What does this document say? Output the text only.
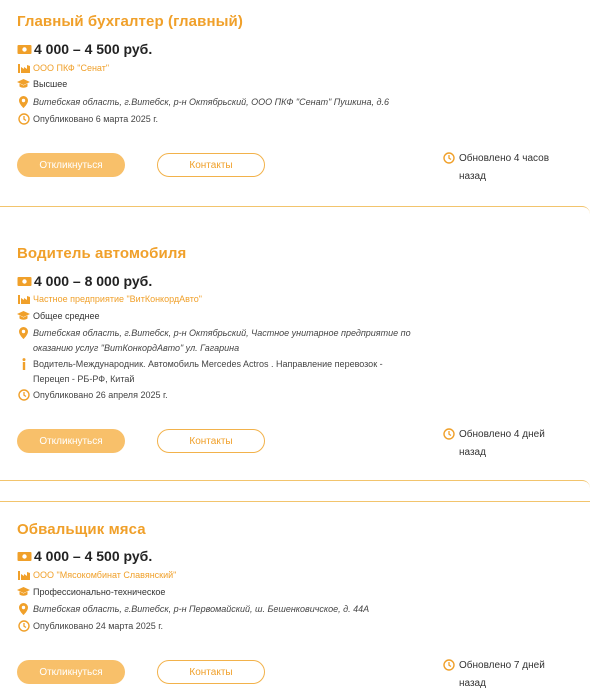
Главный бухгалтер (главный)
4 000 – 4 500 руб.
ООО ПКФ "Сенат"
Высшее
Витебская область, г.Витебск, р-н Октябрьский, ООО ПКФ "Сенат" Пушкина, д.6
Опубликовано 6 марта 2025 г.
Откликнуться	Контакты
Обновлено 4 часов
назад
Водитель автомобиля
4 000 – 8 000 руб.
Частное предприятие "ВитКонкордАвто"
Общее среднее
Витебская область, г.Витебск, р-н Октябрьский, Частное унитарное предприятие по
оказанию услуг "ВитКонкордАвто" ул. Гагарина
Водитель-Международник. Автомобиль Mercedes Actros . Направление перевозок -
Перецеп - РБ-РФ, Китай
Опубликовано 26 апреля 2025 г.
Откликнуться	Контакты
Обновлено 4 дней
назад
Обвальщик мяса
4 000 – 4 500 руб.
ООО "Мясокомбинат Славянский"
Профессионально-техническое
Витебская область, г.Витебск, р-н Первомайский, ш. Бешенковичское, д. 44А
Опубликовано 24 марта 2025 г.
Откликнуться	Контакты
Обновлено 7 дней
назад
